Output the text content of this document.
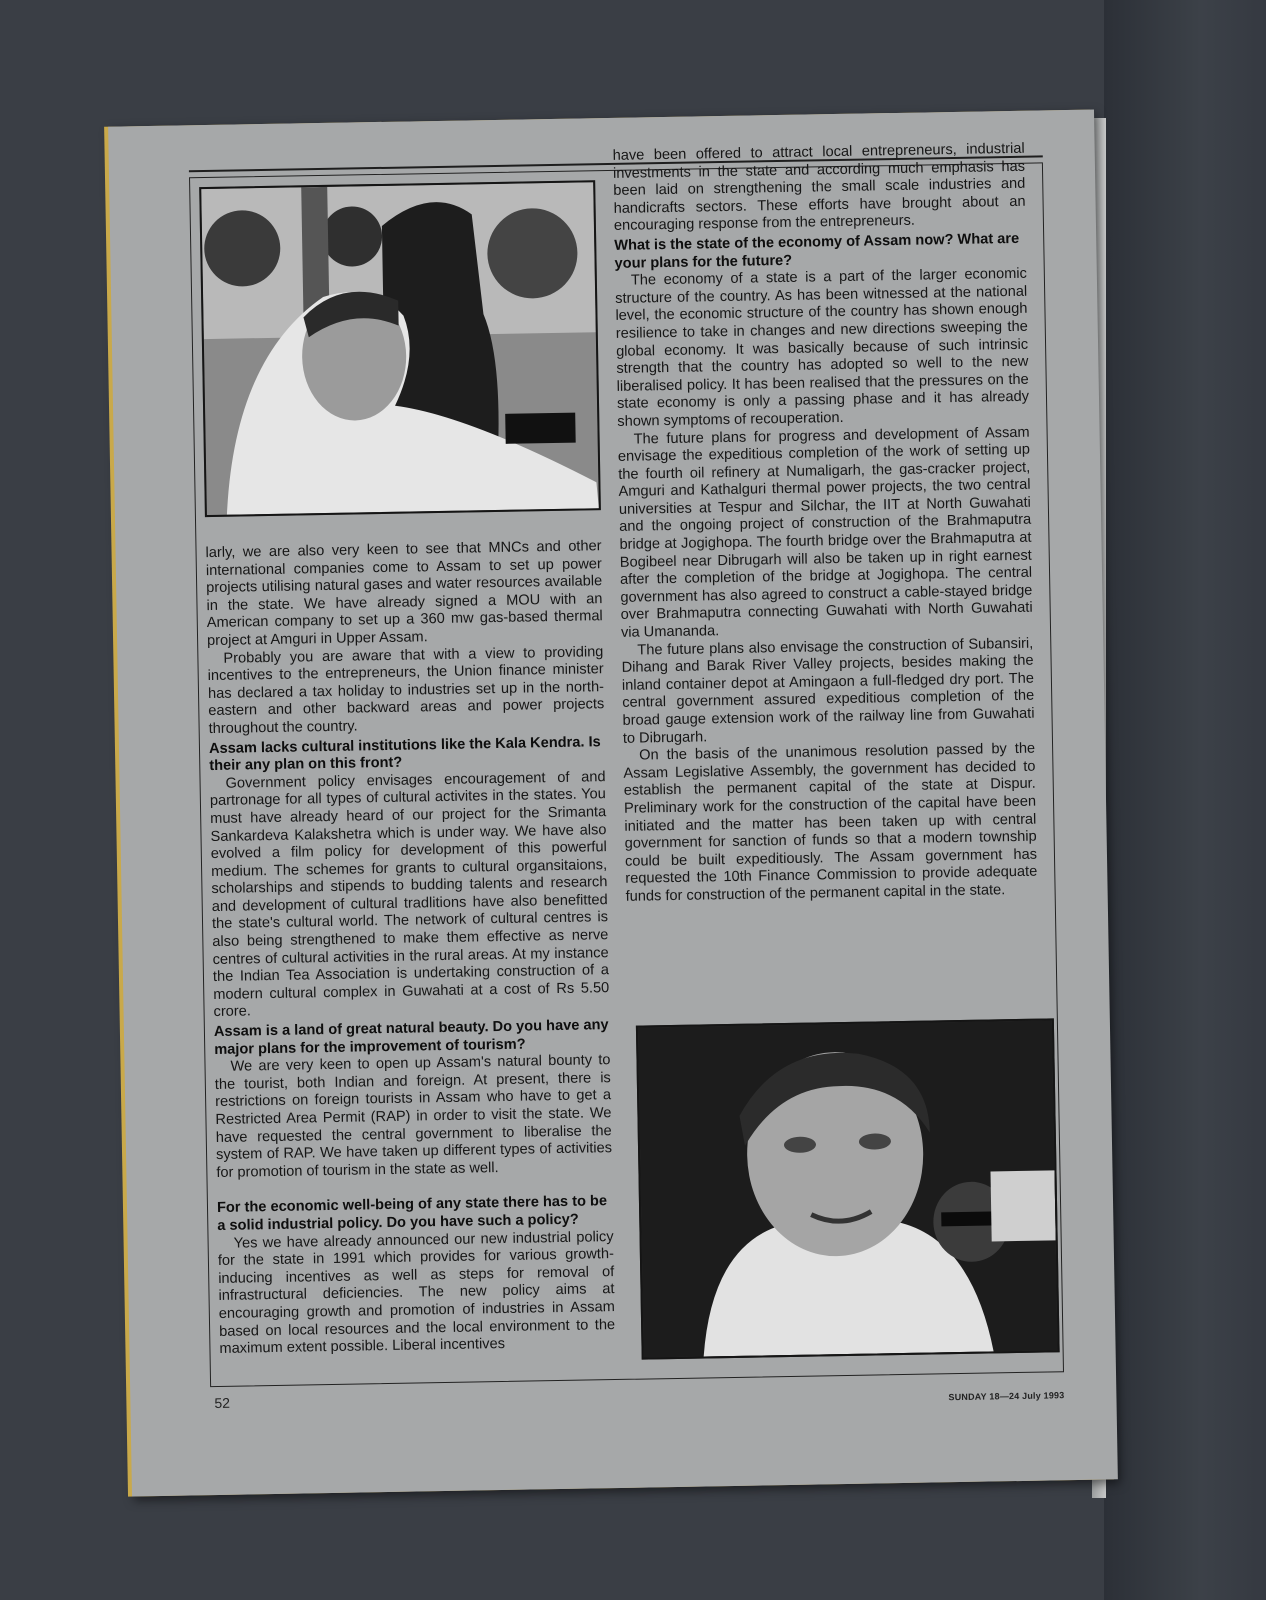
larly, we are also very keen to see that MNCs and other international companies come to Assam to set up power projects utilising natural gases and water resources available in the state. We have already signed a MOU with an American company to set up a 360 mw gas-based thermal project at Amguri in Upper Assam.

Probably you are aware that with a view to providing incentives to the entrepreneurs, the Union finance minister has declared a tax holiday to industries set up in the north-eastern and other backward areas and power projects throughout the country.

Assam lacks cultural institutions like the Kala Kendra. Is their any plan on this front?

Government policy envisages encouragement of and partronage for all types of cultural activites in the states. You must have already heard of our project for the Srimanta Sankardeva Kalakshetra which is under way. We have also evolved a film policy for development of this powerful medium. The schemes for grants to cultural organsitaions, scholarships and stipends to budding talents and research and development of cultural tradlitions have also benefitted the state's cultural world. The network of cultural centres is also being strengthened to make them effective as nerve centres of cultural activities in the rural areas. At my instance the Indian Tea Association is undertaking construction of a modern cultural complex in Guwahati at a cost of Rs 5.50 crore.

Assam is a land of great natural beauty. Do you have any major plans for the improvement of tourism?

We are very keen to open up Assam's natural bounty to the tourist, both Indian and foreign. At present, there is restrictions on foreign tourists in Assam who have to get a Restricted Area Permit (RAP) in order to visit the state. We have requested the central government to liberalise the system of RAP. We have taken up different types of activities for promotion of tourism in the state as well.

For the economic well-being of any state there has to be a solid industrial policy. Do you have such a policy?

Yes we have already announced our new industrial policy for the state in 1991 which provides for various growth-inducing incentives as well as steps for removal of infrastructural deficiencies. The new policy aims at encouraging growth and promotion of industries in Assam based on local resources and the local environment to the maximum extent possible. Liberal incentives

have been offered to attract local entrepreneurs, industrial investments in the state and according much emphasis has been laid on strengthening the small scale industries and handicrafts sectors. These efforts have brought about an encouraging response from the entrepreneurs.

What is the state of the economy of Assam now? What are your plans for the future?

The economy of a state is a part of the larger economic structure of the country. As has been witnessed at the national level, the economic structure of the country has shown enough resilience to take in changes and new directions sweeping the global economy. It was basically because of such intrinsic strength that the country has adopted so well to the new liberalised policy. It has been realised that the pressures on the state economy is only a passing phase and it has already shown symptoms of recouperation.

The future plans for progress and development of Assam envisage the expeditious completion of the work of setting up the fourth oil refinery at Numaligarh, the gas-cracker project, Amguri and Kathalguri thermal power projects, the two central universities at Tespur and Silchar, the IIT at North Guwahati and the ongoing project of construction of the Brahmaputra bridge at Jogighopa. The fourth bridge over the Brahmaputra at Bogibeel near Dibrugarh will also be taken up in right earnest after the completion of the bridge at Jogighopa. The central government has also agreed to construct a cable-stayed bridge over Brahmaputra connecting Guwahati with North Guwahati via Umananda.

The future plans also envisage the construction of Subansiri, Dihang and Barak River Valley projects, besides making the inland container depot at Amingaon a full-fledged dry port. The central government assured expeditious completion of the broad gauge extension work of the railway line from Guwahati to Dibrugarh.

On the basis of the unanimous resolution passed by the Assam Legislative Assembly, the government has decided to establish the permanent capital of the state at Dispur. Preliminary work for the construction of the capital have been initiated and the matter has been taken up with central government for sanction of funds so that a modern township could be built expeditiously. The Assam government has requested the 10th Finance Commission to provide adequate funds for construction of the permanent capital in the state.

52	SUNDAY 18—24 July 1993
